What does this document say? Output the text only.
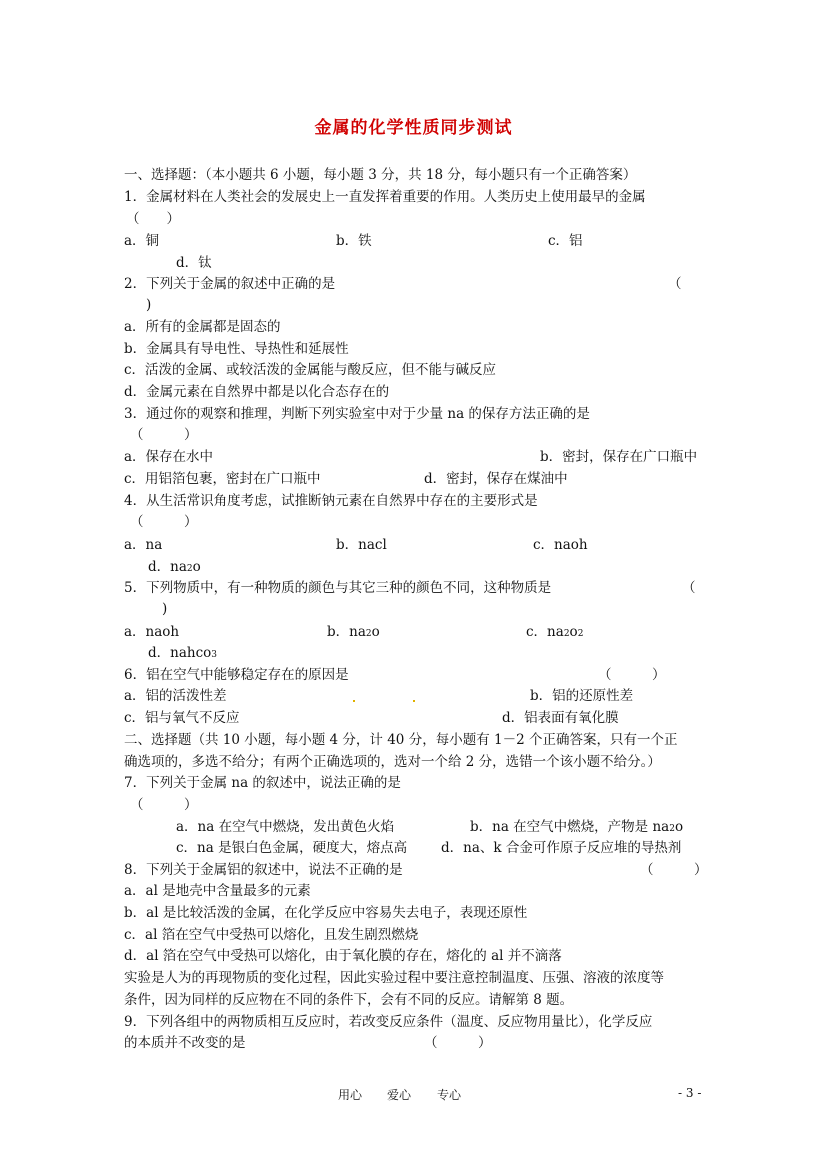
金属的化学性质同步测试
一、选择题：（本小题共 6 小题，每小题 3 分，共 18 分，每小题只有一个正确答案）
1．金属材料在人类社会的发展史上一直发挥着重要的作用。人类历史上使用最早的金属
（　　）
a．铜	b．铁	c．铝
d．钛
2．下列关于金属的叙述中正确的是	（
)
a．所有的金属都是固态的
b．金属具有导电性、导热性和延展性
c．活泼的金属、或较活泼的金属能与酸反应，但不能与碱反应
d．金属元素在自然界中都是以化合态存在的
3．通过你的观察和推理，判断下列实验室中对于少量 na 的保存方法正确的是
（　　　）
a．保存在水中	b．密封，保存在广口瓶中
c．用铝箔包裹，密封在广口瓶中	d．密封，保存在煤油中
4．从生活常识角度考虑，试推断钠元素在自然界中存在的主要形式是
（　　　）
a．na	b．nacl	c．naoh
d．na2o
5．下列物质中，有一种物质的颜色与其它三种的颜色不同，这种物质是	（
)
a．naoh	b．na2o	c．na2o2
d．nahco3
6．铝在空气中能够稳定存在的原因是	（　　　）
a．铝的活泼性差	b．铝的还原性差
c．铝与氧气不反应	d．铝表面有氧化膜
二、选择题（共 10 小题，每小题 4 分，计 40 分，每小题有 1－2 个正确答案，只有一个正
确选项的，多选不给分；有两个正确选项的，选对一个给 2 分，选错一个该小题不给分。）
7．下列关于金属 na 的叙述中，说法正确的是
（　　　）
a．na 在空气中燃烧，发出黄色火焰	b．na 在空气中燃烧，产物是 na2o
c．na 是银白色金属，硬度大，熔点高	d．na、k 合金可作原子反应堆的导热剂
8．下列关于金属铝的叙述中，说法不正确的是	（　　　）
a．al 是地壳中含量最多的元素
b．al 是比较活泼的金属，在化学反应中容易失去电子，表现还原性
c．al 箔在空气中受热可以熔化，且发生剧烈燃烧
d．al 箔在空气中受热可以熔化，由于氧化膜的存在，熔化的 al 并不滴落
实验是人为的再现物质的变化过程，因此实验过程中要注意控制温度、压强、溶液的浓度等
条件，因为同样的反应物在不同的条件下，会有不同的反应。请解第 8 题。
9．下列各组中的两物质相互反应时，若改变反应条件（温度、反应物用量比），化学反应
的本质并不改变的是	（　　　）
用心 爱心 专心	- 3 -
